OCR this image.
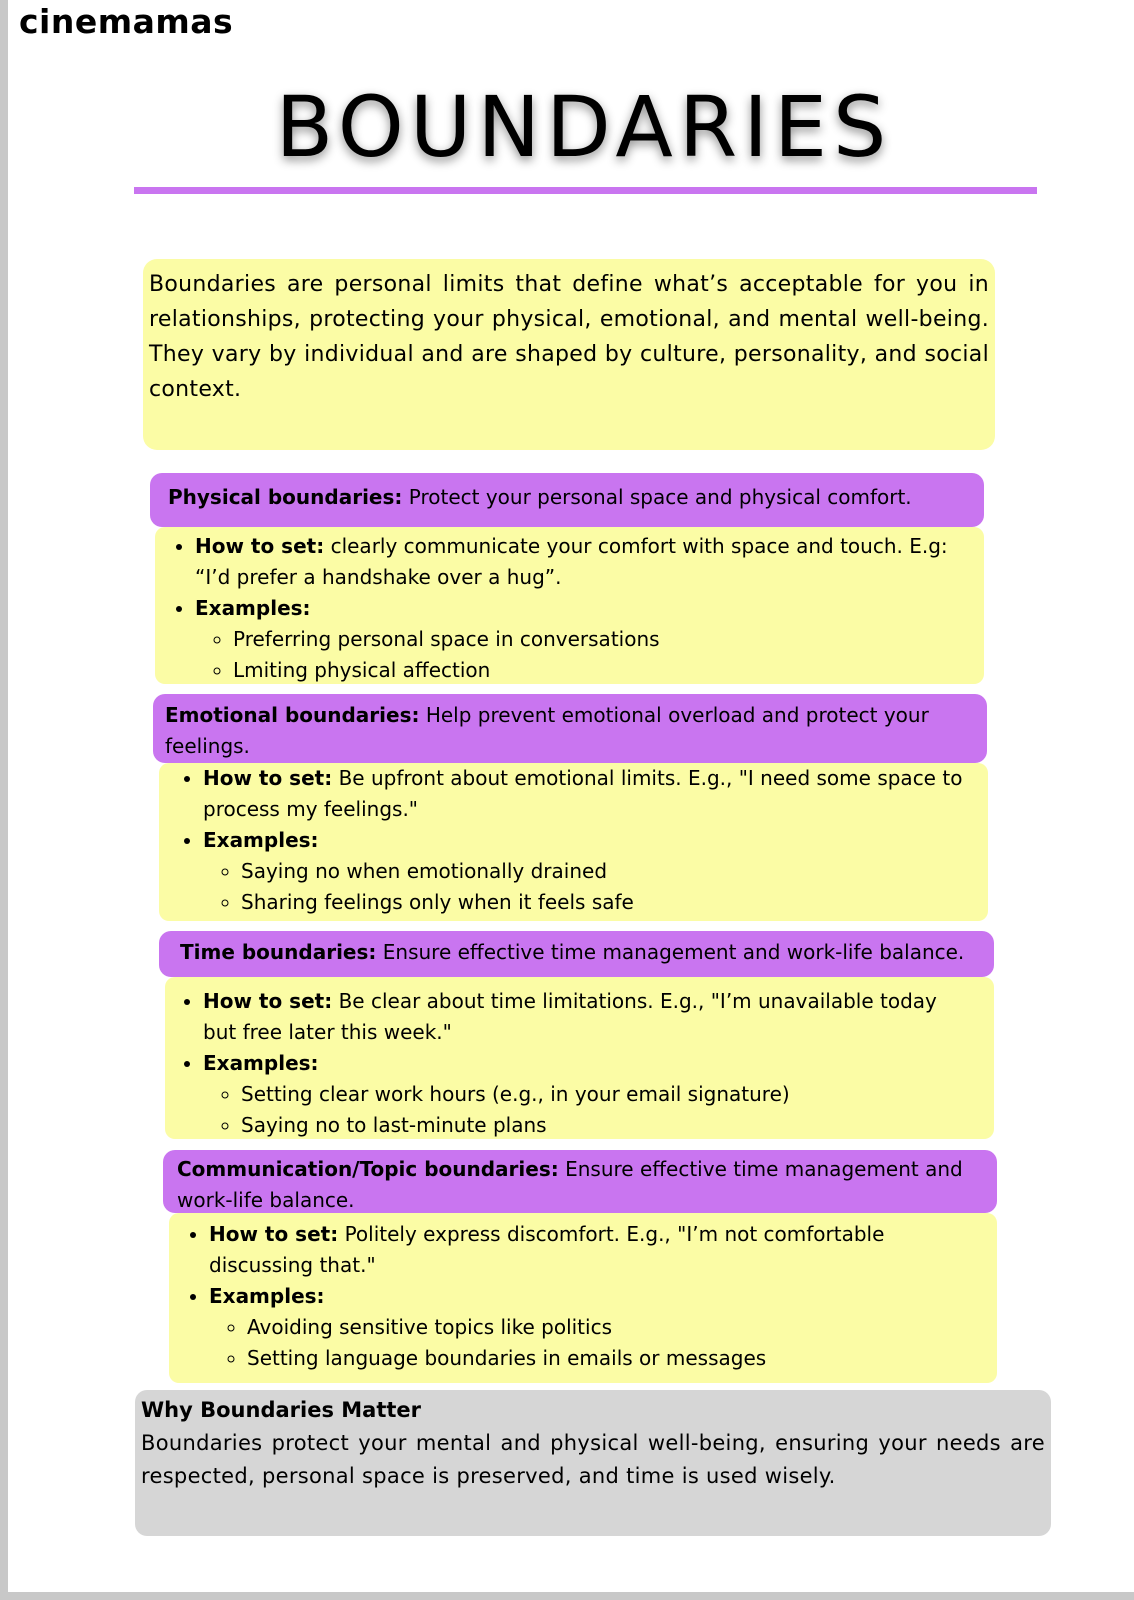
cinemamas
BOUNDARIES
Boundaries are personal limits that define what’s acceptable for you in relationships, protecting your physical, emotional, and mental well-being. They vary by individual and are shaped by culture, personality, and social context.
Physical boundaries: Protect your personal space and physical comfort.
• How to set: clearly communicate your comfort with space and touch. E.g: “I’d prefer a handshake over a hug”.
• Examples:
◦ Preferring personal space in conversations
◦ Lmiting physical affection
Emotional boundaries: Help prevent emotional overload and protect your feelings.
• How to set: Be upfront about emotional limits. E.g., "I need some space to process my feelings."
• Examples:
◦ Saying no when emotionally drained
◦ Sharing feelings only when it feels safe
Time boundaries: Ensure effective time management and work-life balance.
• How to set: Be clear about time limitations. E.g., "I’m unavailable today but free later this week."
• Examples:
◦ Setting clear work hours (e.g., in your email signature)
◦ Saying no to last-minute plans
Communication/Topic boundaries: Ensure effective time management and work-life balance.
• How to set: Politely express discomfort. E.g., "I’m not comfortable discussing that."
• Examples:
◦ Avoiding sensitive topics like politics
◦ Setting language boundaries in emails or messages
Why Boundaries Matter
Boundaries protect your mental and physical well-being, ensuring your needs are respected, personal space is preserved, and time is used wisely.
